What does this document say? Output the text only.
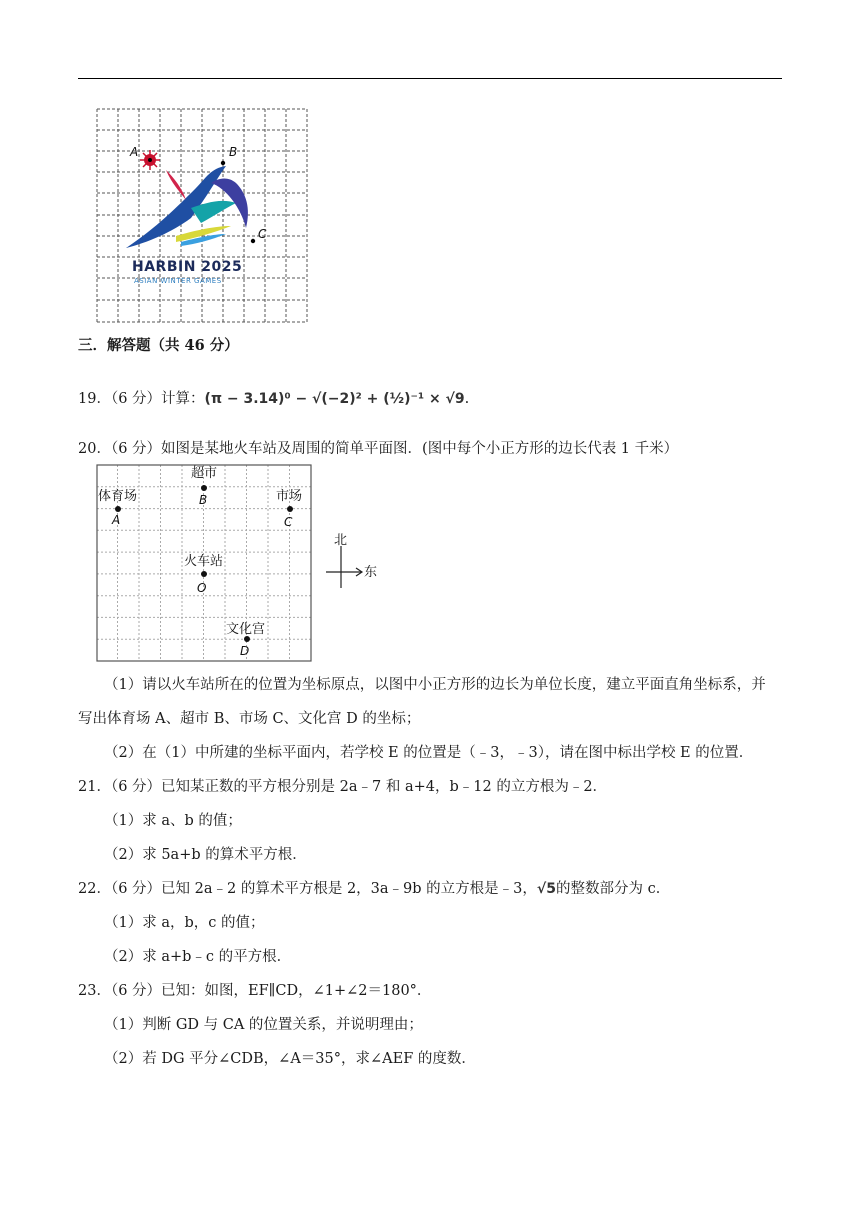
A	B
C
HARBIN 2025
ASIAN WINTER GAMES
三．解答题（共 46 分）
19．（6 分）计算：(π − 3.14)⁰ − √(−2)² + (½)⁻¹ × √9.
20．（6 分）如图是某地火车站及周围的简单平面图．(图中每个小正方形的边长代表 1 千米）
体育场
A
超市
B	市场
C
火车站
O
文化宫
D
北
东
（1）请以火车站所在的位置为坐标原点，以图中小正方形的边长为单位长度，建立平面直角坐标系，并
写出体育场 A、超市 B、市场 C、文化宫 D 的坐标；
（2）在（1）中所建的坐标平面内，若学校 E 的位置是（﹣3，﹣3），请在图中标出学校 E 的位置．
21．（6 分）已知某正数的平方根分别是 2a﹣7 和 a+4，b﹣12 的立方根为﹣2．
（1）求 a、b 的值；
（2）求 5a+b 的算术平方根．
22．（6 分）已知 2a﹣2 的算术平方根是 2，3a﹣9b 的立方根是﹣3，√5的整数部分为 c．
（1）求 a，b，c 的值；
（2）求 a+b﹣c 的平方根．
23．（6 分）已知：如图，EF∥CD，∠1+∠2＝180°．
（1）判断 GD 与 CA 的位置关系，并说明理由；
（2）若 DG 平分∠CDB，∠A＝35°，求∠AEF 的度数．
